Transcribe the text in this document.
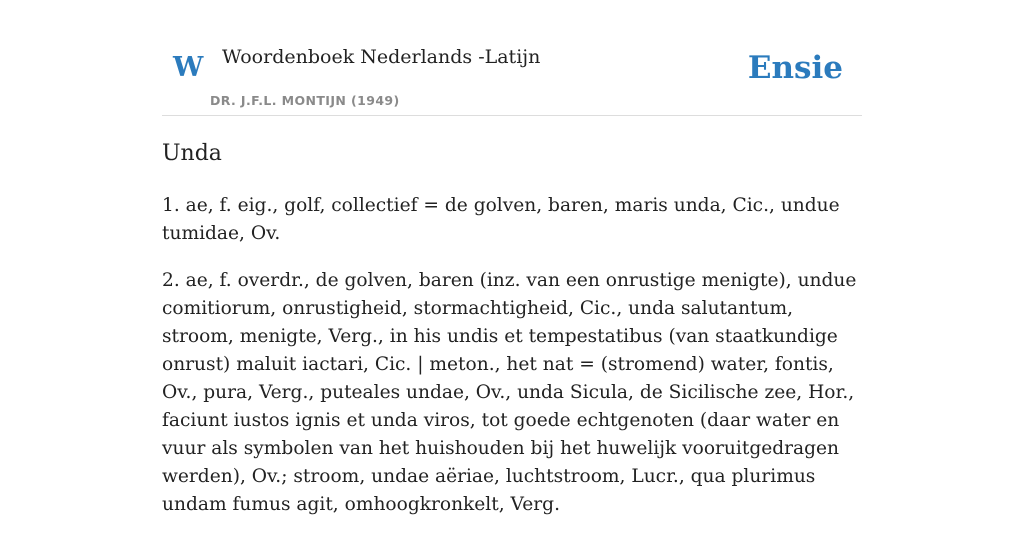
W Woordenboek Nederlands -Latijn
DR. J.F.L. MONTIJN (1949)
Ensie
Unda

1. ae, f. eig., golf, collectief = de golven, baren, maris unda, Cic., undue tumidae, Ov.

2. ae, f. overdr., de golven, baren (inz. van een onrustige menigte), undue comitiorum, onrustigheid, stormachtigheid, Cic., unda salutantum, stroom, menigte, Verg., in his undis et tempestatibus (van staatkundige onrust) maluit iactari, Cic. | meton., het nat = (stromend) water, fontis, Ov., pura, Verg., puteales undae, Ov., unda Sicula, de Sicilische zee, Hor., faciunt iustos ignis et unda viros, tot goede echtgenoten (daar water en vuur als symbolen van het huishouden bij het huwelijk vooruitgedragen werden), Ov.; stroom, undae aëriae, luchtstroom, Lucr., qua plurimus undam fumus agit, omhoogkronkelt, Verg.
